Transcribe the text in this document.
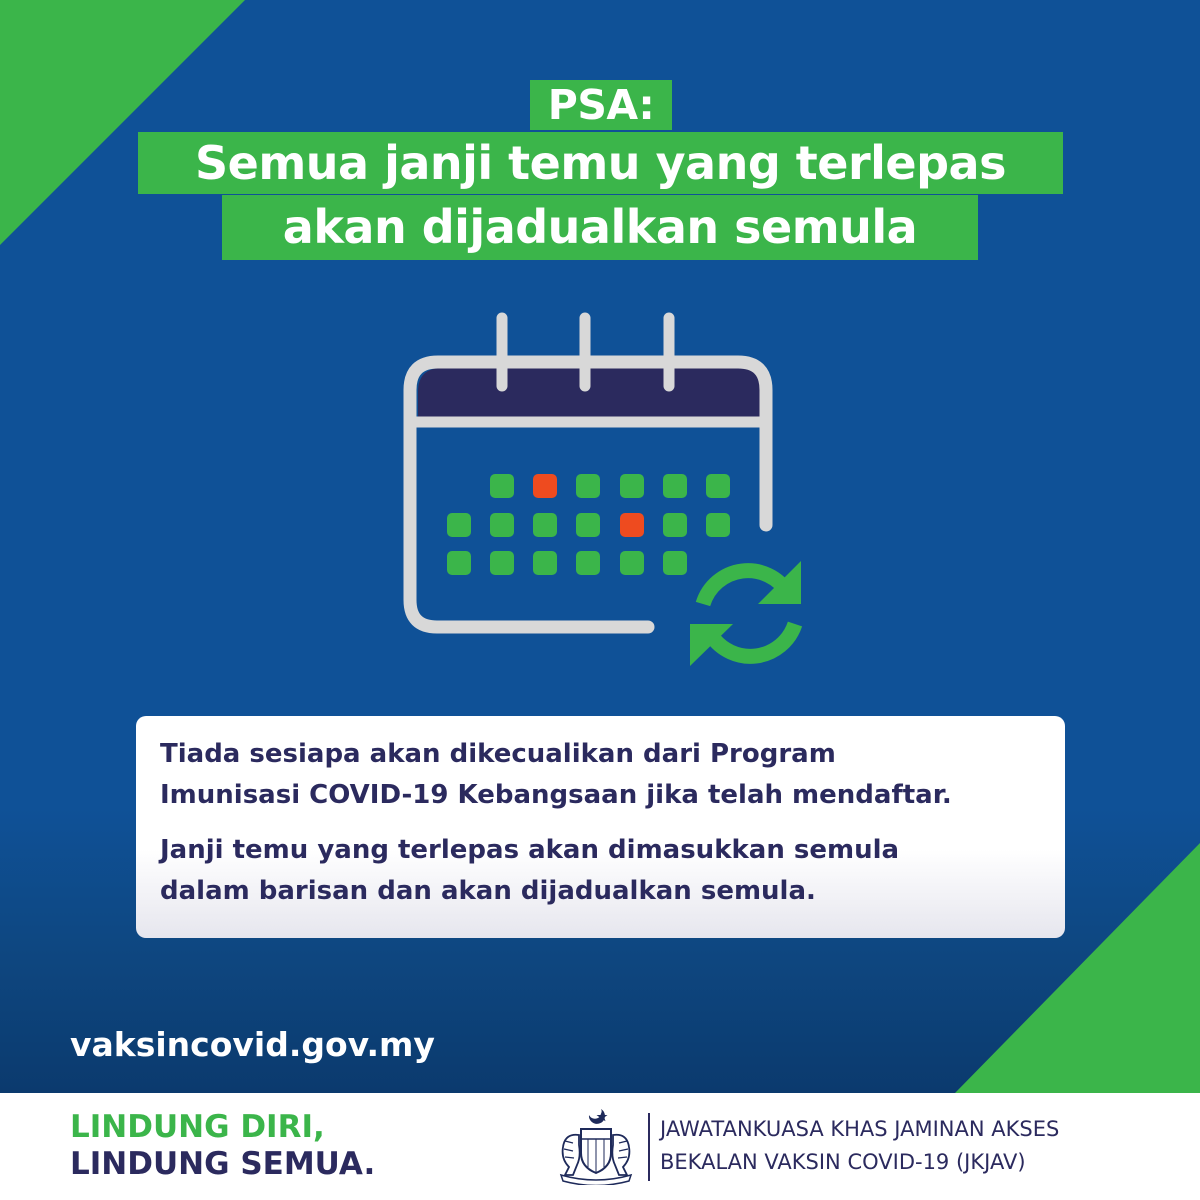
PSA:
Semua janji temu yang terlepas
akan dijadualkan semula

Tiada sesiapa akan dikecualikan dari Program
Imunisasi COVID-19 Kebangsaan jika telah mendaftar.

Janji temu yang terlepas akan dimasukkan semula
dalam barisan dan akan dijadualkan semula.

vaksincovid.gov.my
LINDUNG DIRI,
LINDUNG SEMUA.
JAWATANKUASA KHAS JAMINAN AKSES
BEKALAN VAKSIN COVID-19 (JKJAV)
